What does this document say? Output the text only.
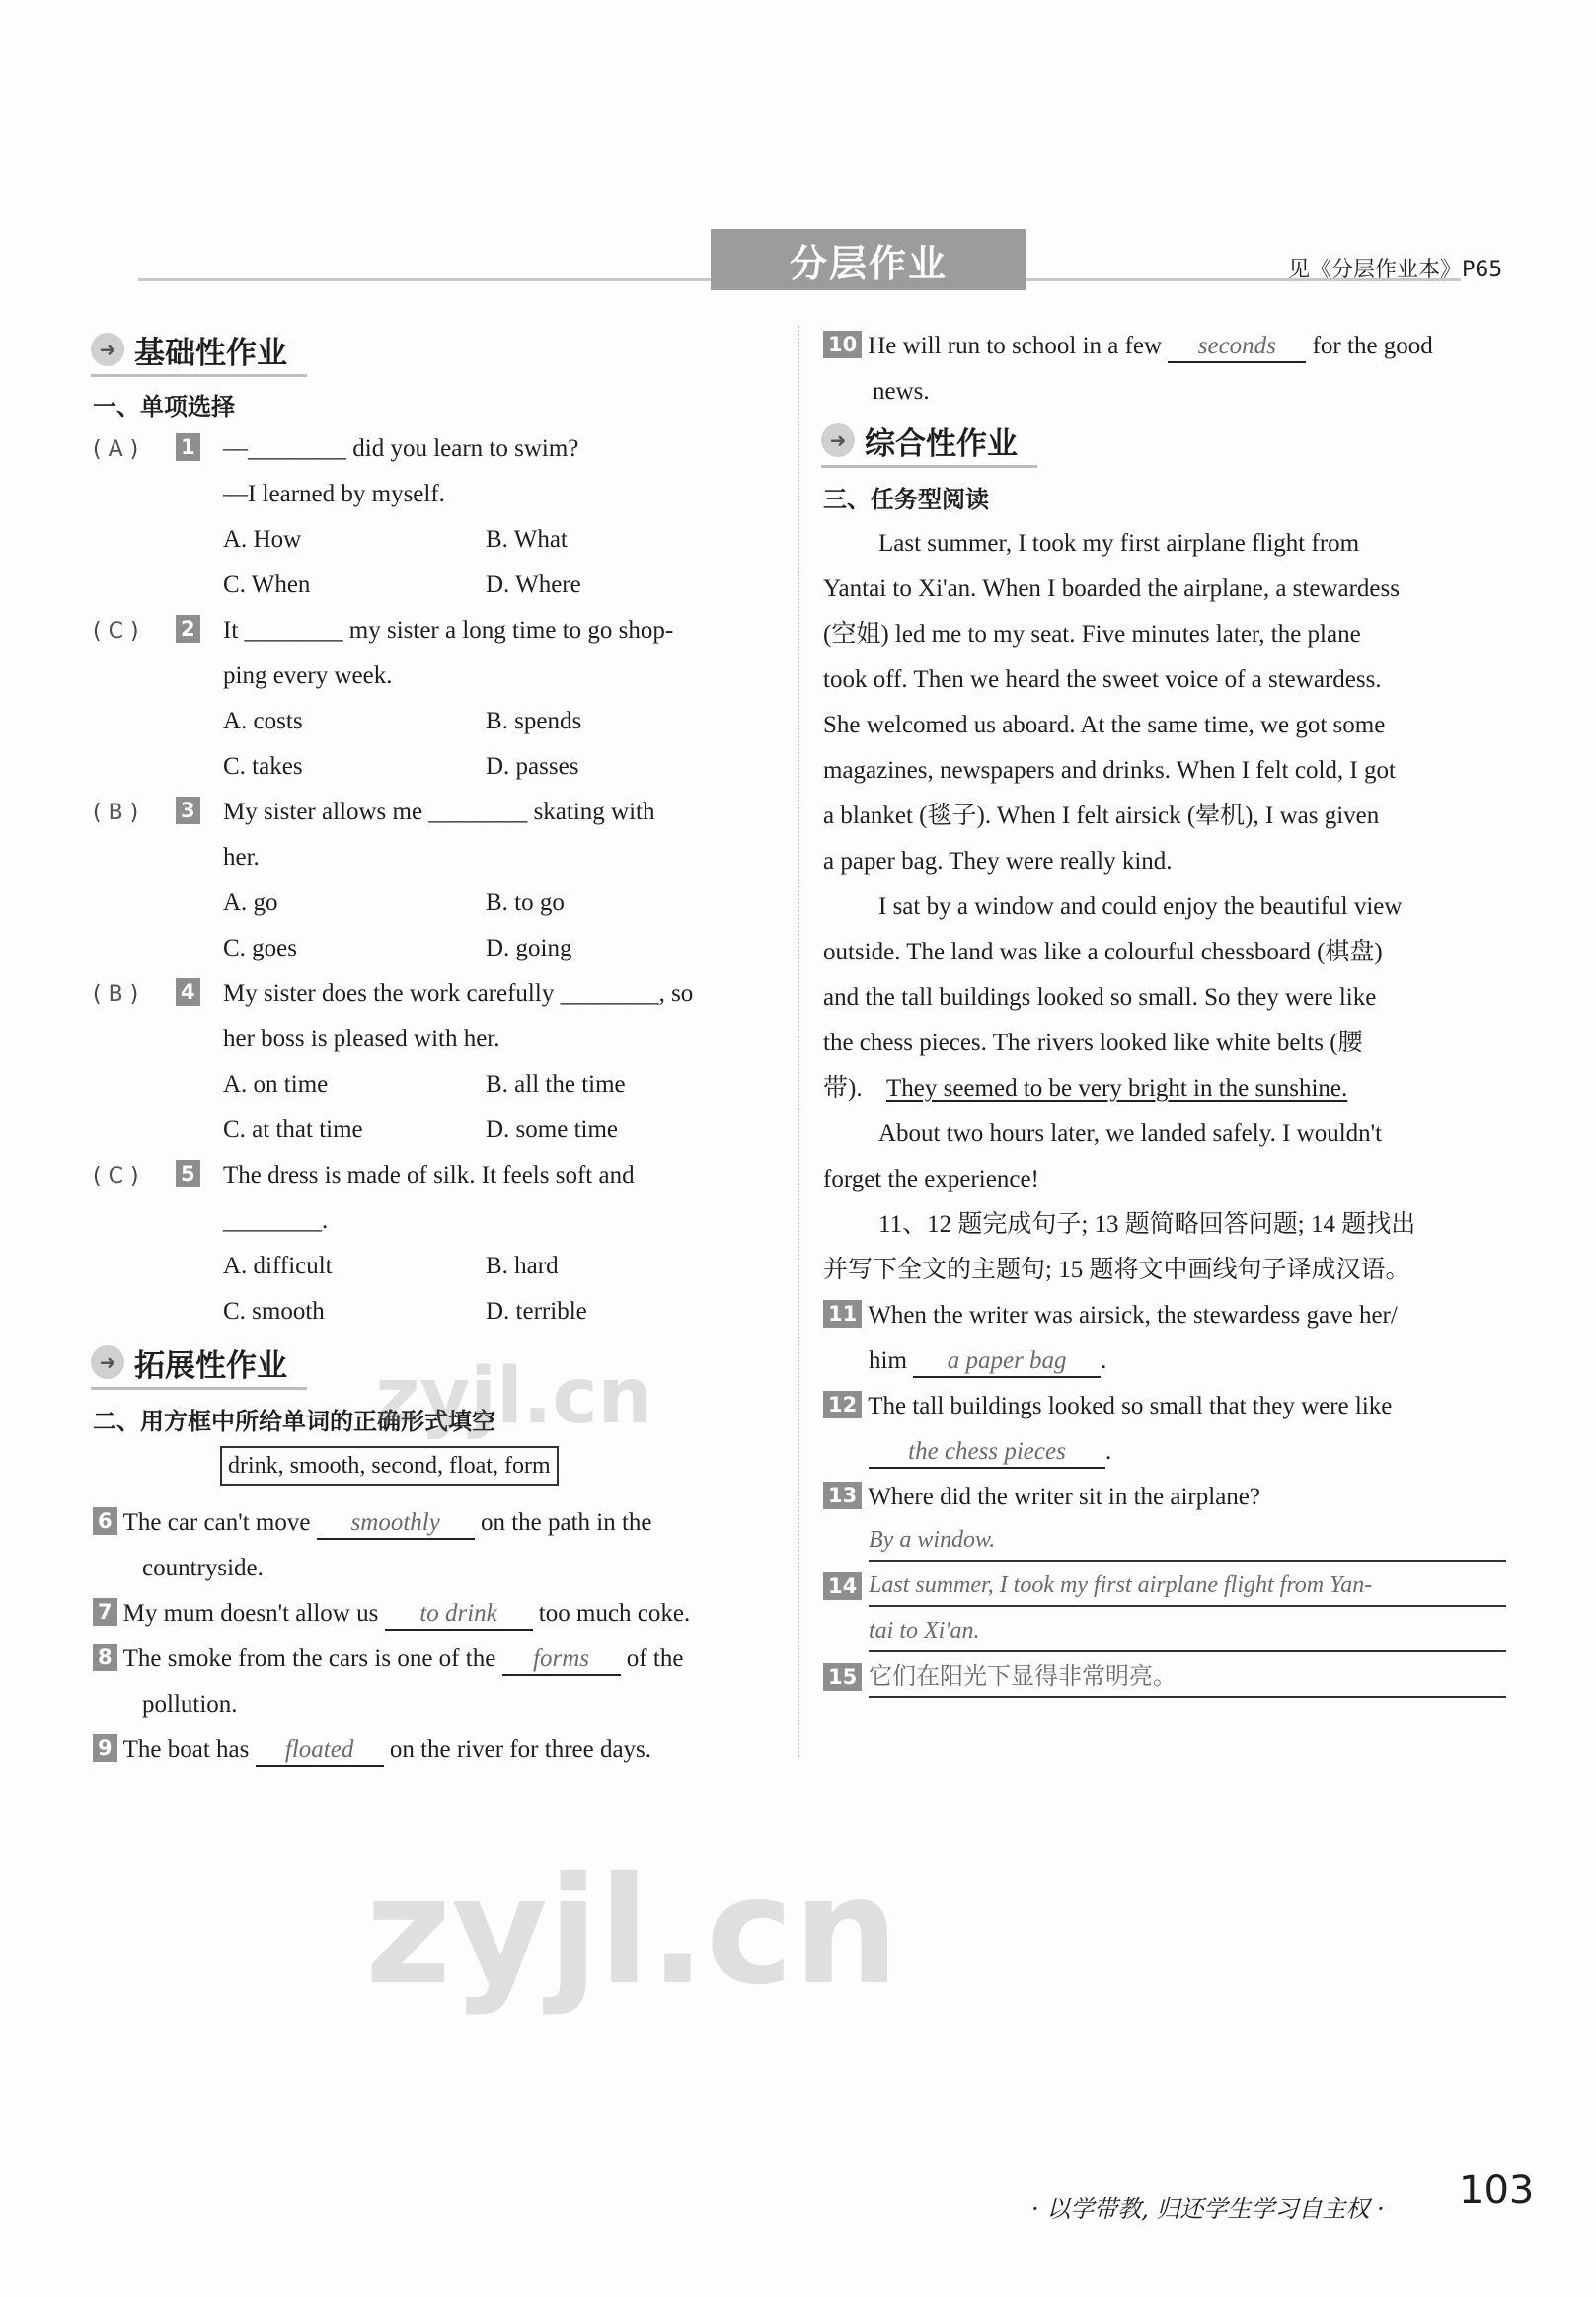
分层作业	见《分层作业本》P65
➜ 基础性作业
一、单项选择
( A ) 1	—________ did you learn to swim?
—I learned by myself.
A. How	B. What
C. When	D. Where
( C ) 2	It ________ my sister a long time to go shop-
ping every week.
A. costs	B. spends
C. takes	D. passes
( B ) 3	My sister allows me ________ skating with
her.
A. go	B. to go
C. goes	D. going
( B ) 4	My sister does the work carefully ________, so
her boss is pleased with her.
A. on time	B. all the time
C. at that time	D. some time
( C ) 5	The dress is made of silk. It feels soft and
________.
A. difficult	B. hard
C. smooth	D. terrible
➜ 拓展性作业
二、用方框中所给单词的正确形式填空
drink, smooth, second, float, form
6 The car can't move smoothly on the path in the
countryside.
7 My mum doesn't allow us to drink too much coke.
8 The smoke from the cars is one of the forms of the
pollution.
9 The boat has floated on the river for three days.
10 He will run to school in a few seconds for the good
news.
➜ 综合性作业
三、任务型阅读
Last summer, I took my first airplane flight from
Yantai to Xi'an. When I boarded the airplane, a stewardess
(空姐) led me to my seat. Five minutes later, the plane
took off. Then we heard the sweet voice of a stewardess.
She welcomed us aboard. At the same time, we got some
magazines, newspapers and drinks. When I felt cold, I got
a blanket (毯子). When I felt airsick (晕机), I was given
a paper bag. They were really kind.
I sat by a window and could enjoy the beautiful view
outside. The land was like a colourful chessboard (棋盘)
and the tall buildings looked so small. So they were like
the chess pieces. The rivers looked like white belts (腰
带). They seemed to be very bright in the sunshine.
About two hours later, we landed safely. I wouldn't
forget the experience!
11、12 题完成句子; 13 题简略回答问题; 14 题找出
并写下全文的主题句; 15 题将文中画线句子译成汉语。
11 When the writer was airsick, the stewardess gave her/
him a paper bag .
12 The tall buildings looked so small that they were like
the chess pieces .
13 Where did the writer sit in the airplane?
By a window.
14 Last summer, I took my first airplane flight from Yan-
tai to Xi'an.
15 它们在阳光下显得非常明亮。
· 以学带教, 归还学生学习自主权 · 103
zyjl.cn
zyjl.cn
